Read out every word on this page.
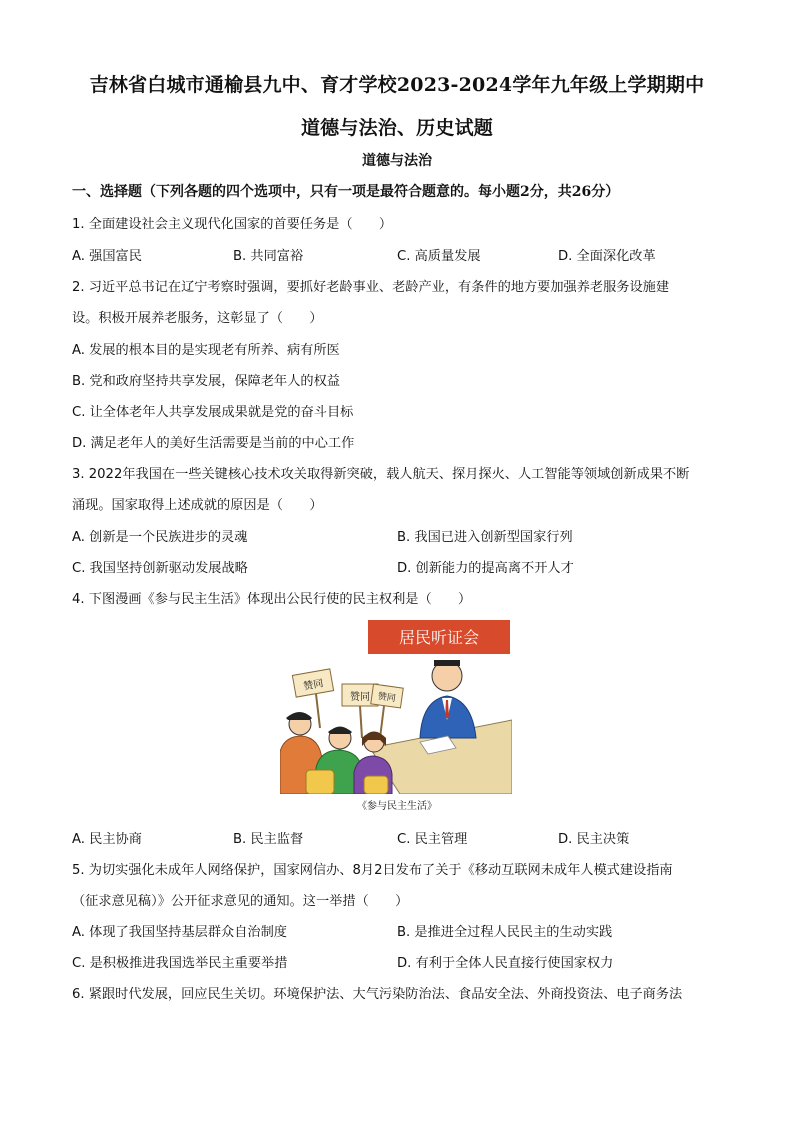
吉林省白城市通榆县九中、育才学校2023-2024学年九年级上学期期中
道德与法治、历史试题
道德与法治
一、选择题（下列各题的四个选项中，只有一项是最符合题意的。每小题2分，共26分）
1. 全面建设社会主义现代化国家的首要任务是（　　）
A. 强国富民	B. 共同富裕	C. 高质量发展	D. 全面深化改革
2. 习近平总书记在辽宁考察时强调，要抓好老龄事业、老龄产业，有条件的地方要加强养老服务设施建
设。积极开展养老服务，这彰显了（　　）
A. 发展的根本目的是实现老有所养、病有所医
B. 党和政府坚持共享发展，保障老年人的权益
C. 让全体老年人共享发展成果就是党的奋斗目标
D. 满足老年人的美好生活需要是当前的中心工作
3. 2022年我国在一些关键核心技术攻关取得新突破，载人航天、探月探火、人工智能等领域创新成果不断
涌现。国家取得上述成就的原因是（　　）
A. 创新是一个民族进步的灵魂	B. 我国已进入创新型国家行列
C. 我国坚持创新驱动发展战略	D. 创新能力的提高离不开人才
4. 下图漫画《参与民主生活》体现出公民行使的民主权利是（　　）
居民听证会
赞同
赞同 赞同
《参与民主生活》
A. 民主协商	B. 民主监督	C. 民主管理	D. 民主决策
5. 为切实强化未成年人网络保护，国家网信办、8月2日发布了关于《移动互联网未成年人模式建设指南
（征求意见稿）》公开征求意见的通知。这一举措（　　）
A. 体现了我国坚持基层群众自治制度	B. 是推进全过程人民民主的生动实践
C. 是积极推进我国选举民主重要举措	D. 有利于全体人民直接行使国家权力
6. 紧跟时代发展，回应民生关切。环境保护法、大气污染防治法、食品安全法、外商投资法、电子商务法
